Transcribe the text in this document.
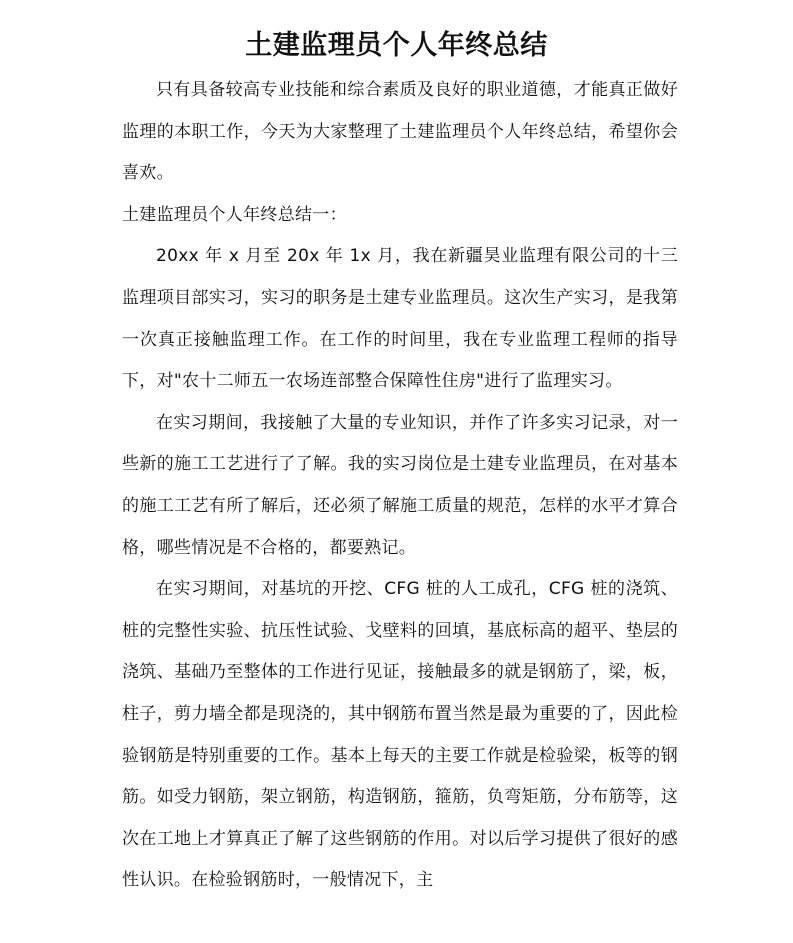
土建监理员个人年终总结

只有具备较高专业技能和综合素质及良好的职业道德，才能真正做好监理的本职工作，今天为大家整理了土建监理员个人年终总结，希望你会喜欢。

土建监理员个人年终总结一：

20xx 年 x 月至 20x 年 1x 月，我在新疆昊业监理有限公司的十三监理项目部实习，实习的职务是土建专业监理员。这次生产实习，是我第一次真正接触监理工作。在工作的时间里，我在专业监理工程师的指导下，对"农十二师五一农场连部整合保障性住房"进行了监理实习。

在实习期间，我接触了大量的专业知识，并作了许多实习记录，对一些新的施工工艺进行了了解。我的实习岗位是土建专业监理员，在对基本的施工工艺有所了解后，还必须了解施工质量的规范，怎样的水平才算合格，哪些情况是不合格的，都要熟记。

在实习期间，对基坑的开挖、CFG 桩的人工成孔，CFG 桩的浇筑、桩的完整性实验、抗压性试验、戈壁料的回填，基底标高的超平、垫层的浇筑、基础乃至整体的工作进行见证，接触最多的就是钢筋了，梁，板，柱子，剪力墙全都是现浇的，其中钢筋布置当然是最为重要的了，因此检验钢筋是特别重要的工作。基本上每天的主要工作就是检验梁，板等的钢筋。如受力钢筋，架立钢筋，构造钢筋，箍筋，负弯矩筋，分布筋等，这次在工地上才算真正了解了这些钢筋的作用。对以后学习提供了很好的感性认识。在检验钢筋时，一般情况下，主
